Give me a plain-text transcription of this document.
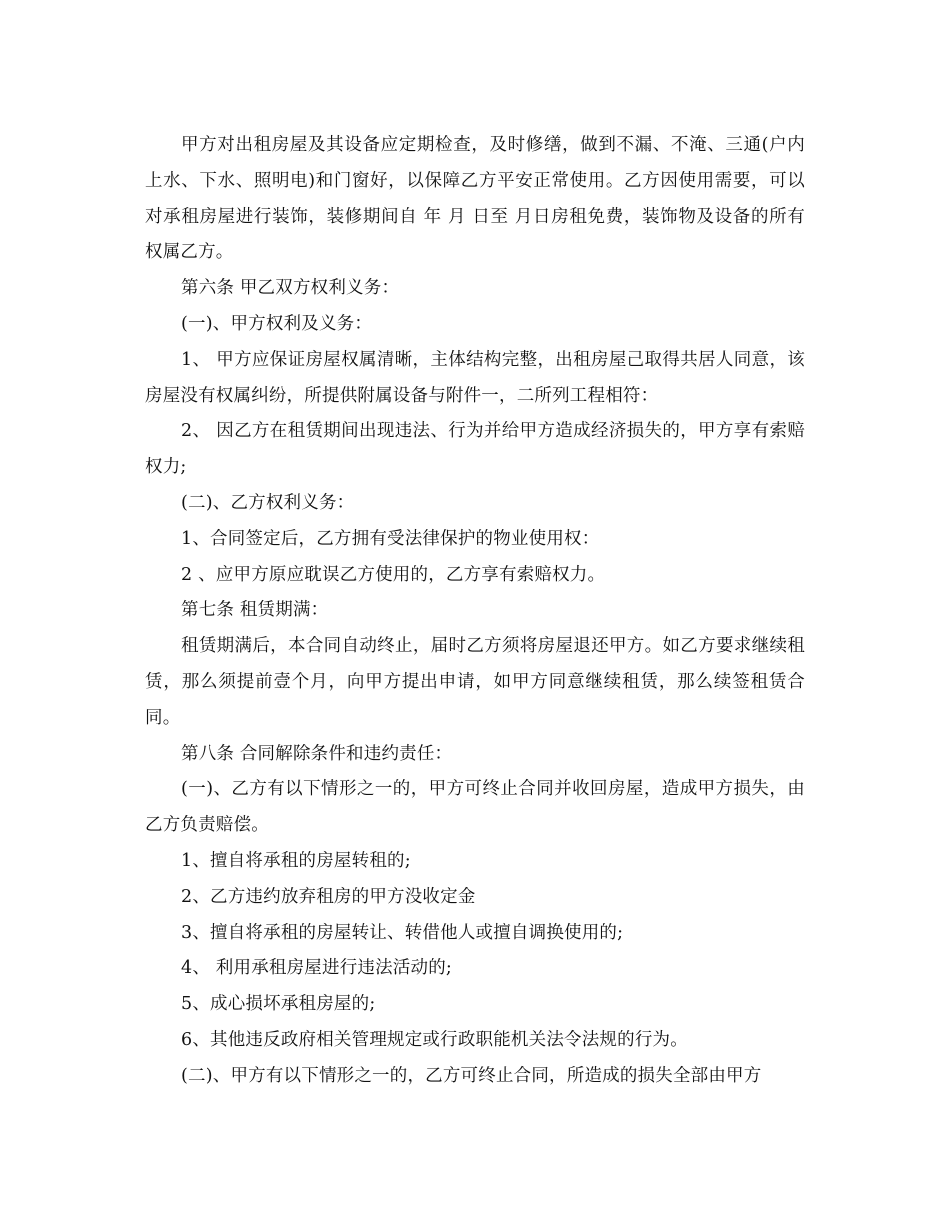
甲方对出租房屋及其设备应定期检查，及时修缮，做到不漏、不淹、三通(户内上水、下水、照明电)和门窗好，以保障乙方平安正常使用。乙方因使用需要，可以对承租房屋进行装饰，装修期间自 年 月 日至 月日房租免费，装饰物及设备的所有权属乙方。

第六条 甲乙双方权利义务：

(一)、甲方权利及义务：

1、 甲方应保证房屋权属清晰，主体结构完整，出租房屋己取得共居人同意，该房屋没有权属纠纷，所提供附属设备与附件一，二所列工程相符：

2、 因乙方在租赁期间出现违法、行为并给甲方造成经济损失的，甲方享有索赔权力;

(二)、乙方权利义务：

1、合同签定后，乙方拥有受法律保护的物业使用权：

2 、应甲方原应耽误乙方使用的，乙方享有索赔权力。

第七条 租赁期满：

租赁期满后，本合同自动终止，届时乙方须将房屋退还甲方。如乙方要求继续租赁，那么须提前壹个月，向甲方提出申请，如甲方同意继续租赁，那么续签租赁合同。

第八条 合同解除条件和违约责任：

(一)、乙方有以下情形之一的，甲方可终止合同并收回房屋，造成甲方损失，由乙方负责赔偿。

1、擅自将承租的房屋转租的;

2、乙方违约放弃租房的甲方没收定金

3、擅自将承租的房屋转让、转借他人或擅自调换使用的;

4、 利用承租房屋进行违法活动的;

5、成心损坏承租房屋的;

6、其他违反政府相关管理规定或行政职能机关法令法规的行为。

(二)、甲方有以下情形之一的，乙方可终止合同，所造成的损失全部由甲方
